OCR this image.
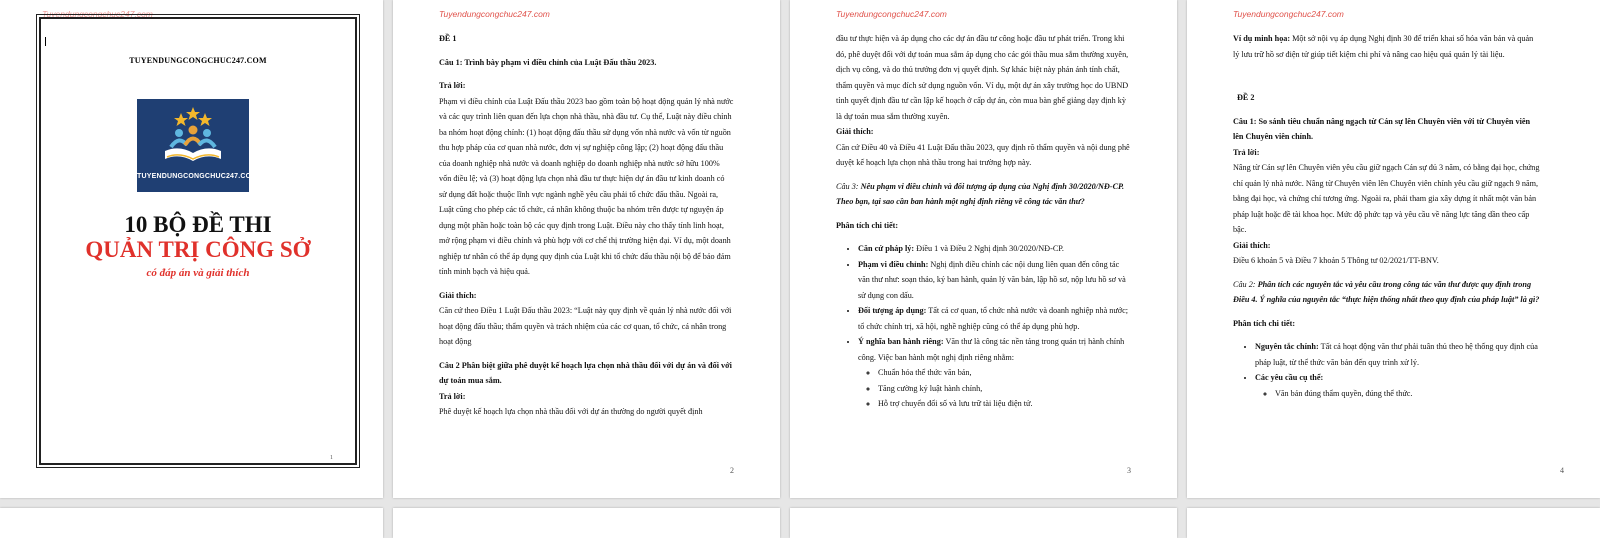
Tuyendungcongchuc247.com
TUYENDUNGCONGCHUC247.COM
TUYENDUNGCONGCHUC247.COM
10 BỘ ĐỀ THI
QUẢN TRỊ CÔNG SỞ
có đáp án và giải thích
1
Tuyendungcongchuc247.com

ĐỀ 1

Câu 1: Trình bày phạm vi điều chỉnh của Luật Đấu thầu 2023.

Trả lời:

Phạm vi điều chỉnh của Luật Đấu thầu 2023 bao gồm toàn bộ hoạt động quản lý nhà nước và các quy trình liên quan đến lựa chọn nhà thầu, nhà đầu tư. Cụ thể, Luật này điều chỉnh ba nhóm hoạt động chính: (1) hoạt động đấu thầu sử dụng vốn nhà nước và vốn từ nguồn thu hợp pháp của cơ quan nhà nước, đơn vị sự nghiệp công lập; (2) hoạt động đấu thầu của doanh nghiệp nhà nước và doanh nghiệp do doanh nghiệp nhà nước sở hữu 100% vốn điều lệ; và (3) hoạt động lựa chọn nhà đầu tư thực hiện dự án đầu tư kinh doanh có sử dụng đất hoặc thuộc lĩnh vực ngành nghề yêu cầu phải tổ chức đấu thầu. Ngoài ra, Luật cũng cho phép các tổ chức, cá nhân không thuộc ba nhóm trên được tự nguyện áp dụng một phần hoặc toàn bộ các quy định trong Luật. Điều này cho thấy tính linh hoạt, mở rộng phạm vi điều chỉnh và phù hợp với cơ chế thị trường hiện đại. Ví dụ, một doanh nghiệp tư nhân có thể áp dụng quy định của Luật khi tổ chức đấu thầu nội bộ để bảo đảm tính minh bạch và hiệu quả.

Giải thích:

Căn cứ theo Điều 1 Luật Đấu thầu 2023: “Luật này quy định về quản lý nhà nước đối với hoạt động đấu thầu; thẩm quyền và trách nhiệm của các cơ quan, tổ chức, cá nhân trong hoạt động

Câu 2 Phân biệt giữa phê duyệt kế hoạch lựa chọn nhà thầu đối với dự án và đối với dự toán mua sắm.

Trả lời:

Phê duyệt kế hoạch lựa chọn nhà thầu đối với dự án thường do người quyết định

2
Tuyendungcongchuc247.com

đầu tư thực hiện và áp dụng cho các dự án đầu tư công hoặc đầu tư phát triển. Trong khi đó, phê duyệt đối với dự toán mua sắm áp dụng cho các gói thầu mua sắm thường xuyên, dịch vụ công, và do thủ trưởng đơn vị quyết định. Sự khác biệt này phản ánh tính chất, thẩm quyền và mục đích sử dụng nguồn vốn. Ví dụ, một dự án xây trường học do UBND tỉnh quyết định đầu tư cần lập kế hoạch ở cấp dự án, còn mua bàn ghế giảng dạy định kỳ là dự toán mua sắm thường xuyên.

Giải thích:

Căn cứ Điều 40 và Điều 41 Luật Đấu thầu 2023, quy định rõ thẩm quyền và nội dung phê duyệt kế hoạch lựa chọn nhà thầu trong hai trường hợp này.

Câu 3: Nêu phạm vi điều chỉnh và đối tượng áp dụng của Nghị định 30/2020/NĐ-CP. Theo bạn, tại sao cần ban hành một nghị định riêng về công tác văn thư?

Phân tích chi tiết:

• Căn cứ pháp lý: Điều 1 và Điều 2 Nghị định 30/2020/NĐ-CP.
• Phạm vi điều chỉnh: Nghị định điều chỉnh các nội dung liên quan đến công tác văn thư như: soạn thảo, ký ban hành, quản lý văn bản, lập hồ sơ, nộp lưu hồ sơ và sử dụng con dấu.
• Đối tượng áp dụng: Tất cả cơ quan, tổ chức nhà nước và doanh nghiệp nhà nước; tổ chức chính trị, xã hội, nghề nghiệp cũng có thể áp dụng phù hợp.
• Ý nghĩa ban hành riêng: Văn thư là công tác nền tảng trong quản trị hành chính công. Việc ban hành một nghị định riêng nhằm:
◦ Chuẩn hóa thể thức văn bản,
◦ Tăng cường kỷ luật hành chính,
◦ Hỗ trợ chuyển đổi số và lưu trữ tài liệu điện tử.
3
Tuyendungcongchuc247.com

Ví dụ minh họa: Một sở nội vụ áp dụng Nghị định 30 để triển khai số hóa văn bản và quản lý lưu trữ hồ sơ điện tử giúp tiết kiệm chi phí và nâng cao hiệu quả quản lý tài liệu.

ĐỀ 2

Câu 1: So sánh tiêu chuẩn nâng ngạch từ Cán sự lên Chuyên viên với từ Chuyên viên lên Chuyên viên chính.

Trả lời:

Nâng từ Cán sự lên Chuyên viên yêu cầu giữ ngạch Cán sự đủ 3 năm, có bằng đại học, chứng chỉ quản lý nhà nước. Nâng từ Chuyên viên lên Chuyên viên chính yêu cầu giữ ngạch 9 năm, bằng đại học, và chứng chỉ tương ứng. Ngoài ra, phải tham gia xây dựng ít nhất một văn bản pháp luật hoặc đề tài khoa học. Mức độ phức tạp và yêu cầu về năng lực tăng dần theo cấp bậc.

Giải thích:

Điều 6 khoản 5 và Điều 7 khoản 5 Thông tư 02/2021/TT-BNV.

Câu 2: Phân tích các nguyên tắc và yêu cầu trong công tác văn thư được quy định trong Điều 4. Ý nghĩa của nguyên tắc “thực hiện thống nhất theo quy định của pháp luật” là gì?

Phân tích chi tiết:

• Nguyên tắc chính: Tất cả hoạt động văn thư phải tuân thủ theo hệ thống quy định của pháp luật, từ thể thức văn bản đến quy trình xử lý.
• Các yêu cầu cụ thể:
◦ Văn bản đúng thẩm quyền, đúng thể thức.
4
